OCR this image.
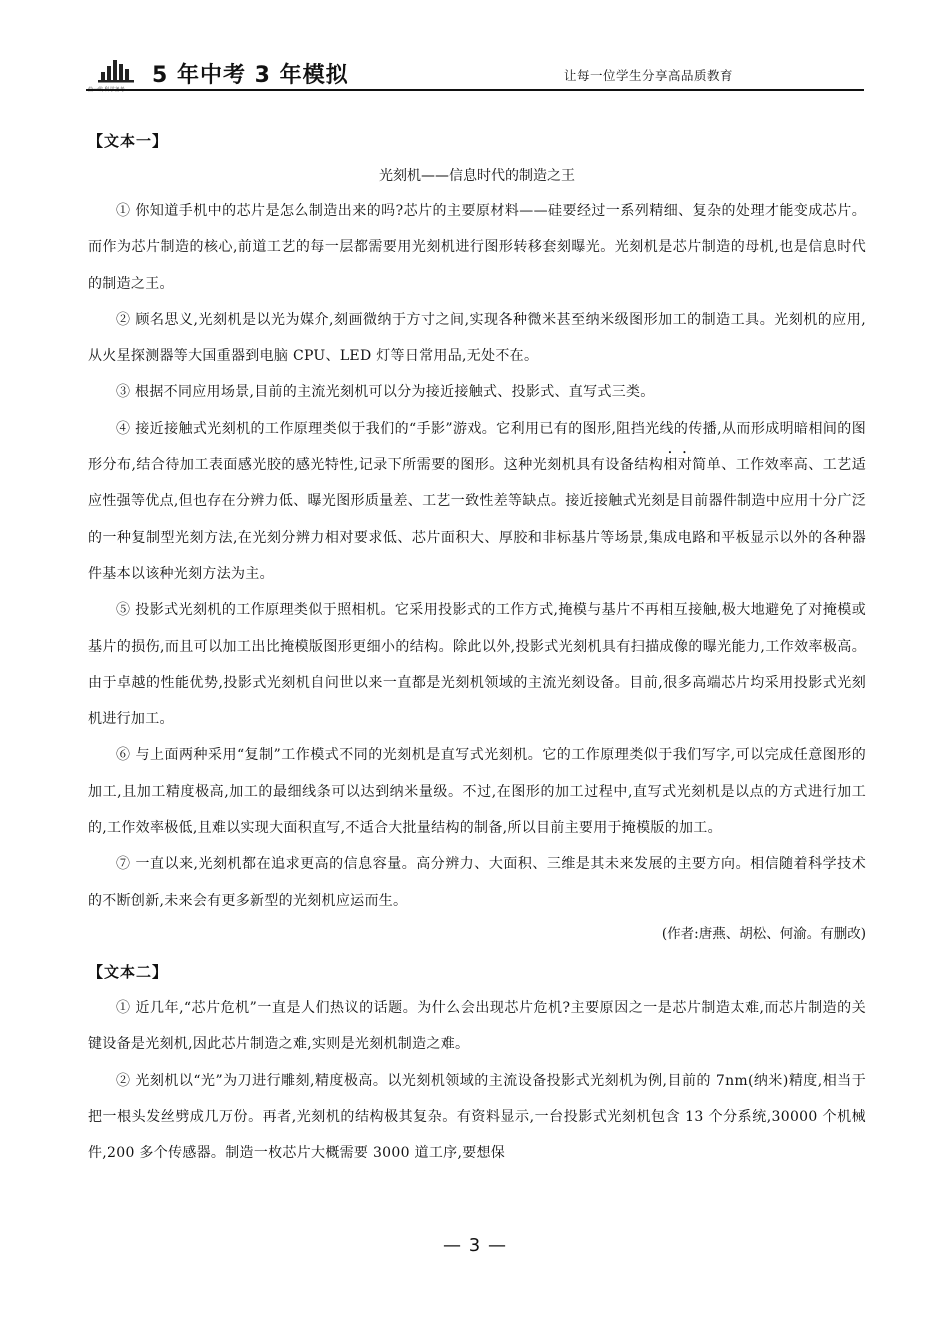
曲一线 科学备考
5 年中考 3 年模拟	让每一位学生分享高品质教育
【文本一】
光刻机——信息时代的制造之王

① 你知道手机中的芯片是怎么制造出来的吗?芯片的主要原材料——硅要经过一系列精细、复杂的处理才能变成芯片。而作为芯片制造的核心,前道工艺的每一层都需要用光刻机进行图形转移套刻曝光。光刻机是芯片制造的母机,也是信息时代的制造之王。

② 顾名思义,光刻机是以光为媒介,刻画微纳于方寸之间,实现各种微米甚至纳米级图形加工的制造工具。光刻机的应用,从火星探测器等大国重器到电脑 CPU、LED 灯等日常用品,无处不在。

③ 根据不同应用场景,目前的主流光刻机可以分为接近接触式、投影式、直写式三类。

④ 接近接触式光刻机的工作原理类似于我们的“手影”游戏。它利用已有的图形,阻挡光线的传播,从而形成明暗相间的图形分布,结合待加工表面感光胶的感光特性,记录下所需要的图形。这种光刻机具有设备结构相对简单、工作效率高、工艺适应性强等优点,但也存在分辨力低、曝光图形质量差、工艺一致性差等缺点。接近接触式光刻是目前器件制造中应用十分广泛的一种复制型光刻方法,在光刻分辨力相对要求低、芯片面积大、厚胶和非标基片等场景,集成电路和平板显示以外的各种器件基本以该种光刻方法为主。

⑤ 投影式光刻机的工作原理类似于照相机。它采用投影式的工作方式,掩模与基片不再相互接触,极大地避免了对掩模或基片的损伤,而且可以加工出比掩模版图形更细小的结构。除此以外,投影式光刻机具有扫描成像的曝光能力,工作效率极高。由于卓越的性能优势,投影式光刻机自问世以来一直都是光刻机领域的主流光刻设备。目前,很多高端芯片均采用投影式光刻机进行加工。

⑥ 与上面两种采用“复制”工作模式不同的光刻机是直写式光刻机。它的工作原理类似于我们写字,可以完成任意图形的加工,且加工精度极高,加工的最细线条可以达到纳米量级。不过,在图形的加工过程中,直写式光刻机是以点的方式进行加工的,工作效率极低,且难以实现大面积直写,不适合大批量结构的制备,所以目前主要用于掩模版的加工。

⑦ 一直以来,光刻机都在追求更高的信息容量。高分辨力、大面积、三维是其未来发展的主要方向。相信随着科学技术的不断创新,未来会有更多新型的光刻机应运而生。

(作者:唐燕、胡松、何渝。有删改)

【文本二】

① 近几年,“芯片危机”一直是人们热议的话题。为什么会出现芯片危机?主要原因之一是芯片制造太难,而芯片制造的关键设备是光刻机,因此芯片制造之难,实则是光刻机制造之难。

② 光刻机以“光”为刀进行雕刻,精度极高。以光刻机领域的主流设备投影式光刻机为例,目前的 7nm(纳米)精度,相当于把一根头发丝劈成几万份。再者,光刻机的结构极其复杂。有资料显示,一台投影式光刻机包含 13 个分系统,30000 个机械件,200 多个传感器。制造一枚芯片大概需要 3000 道工序,要想保

— 3 —
